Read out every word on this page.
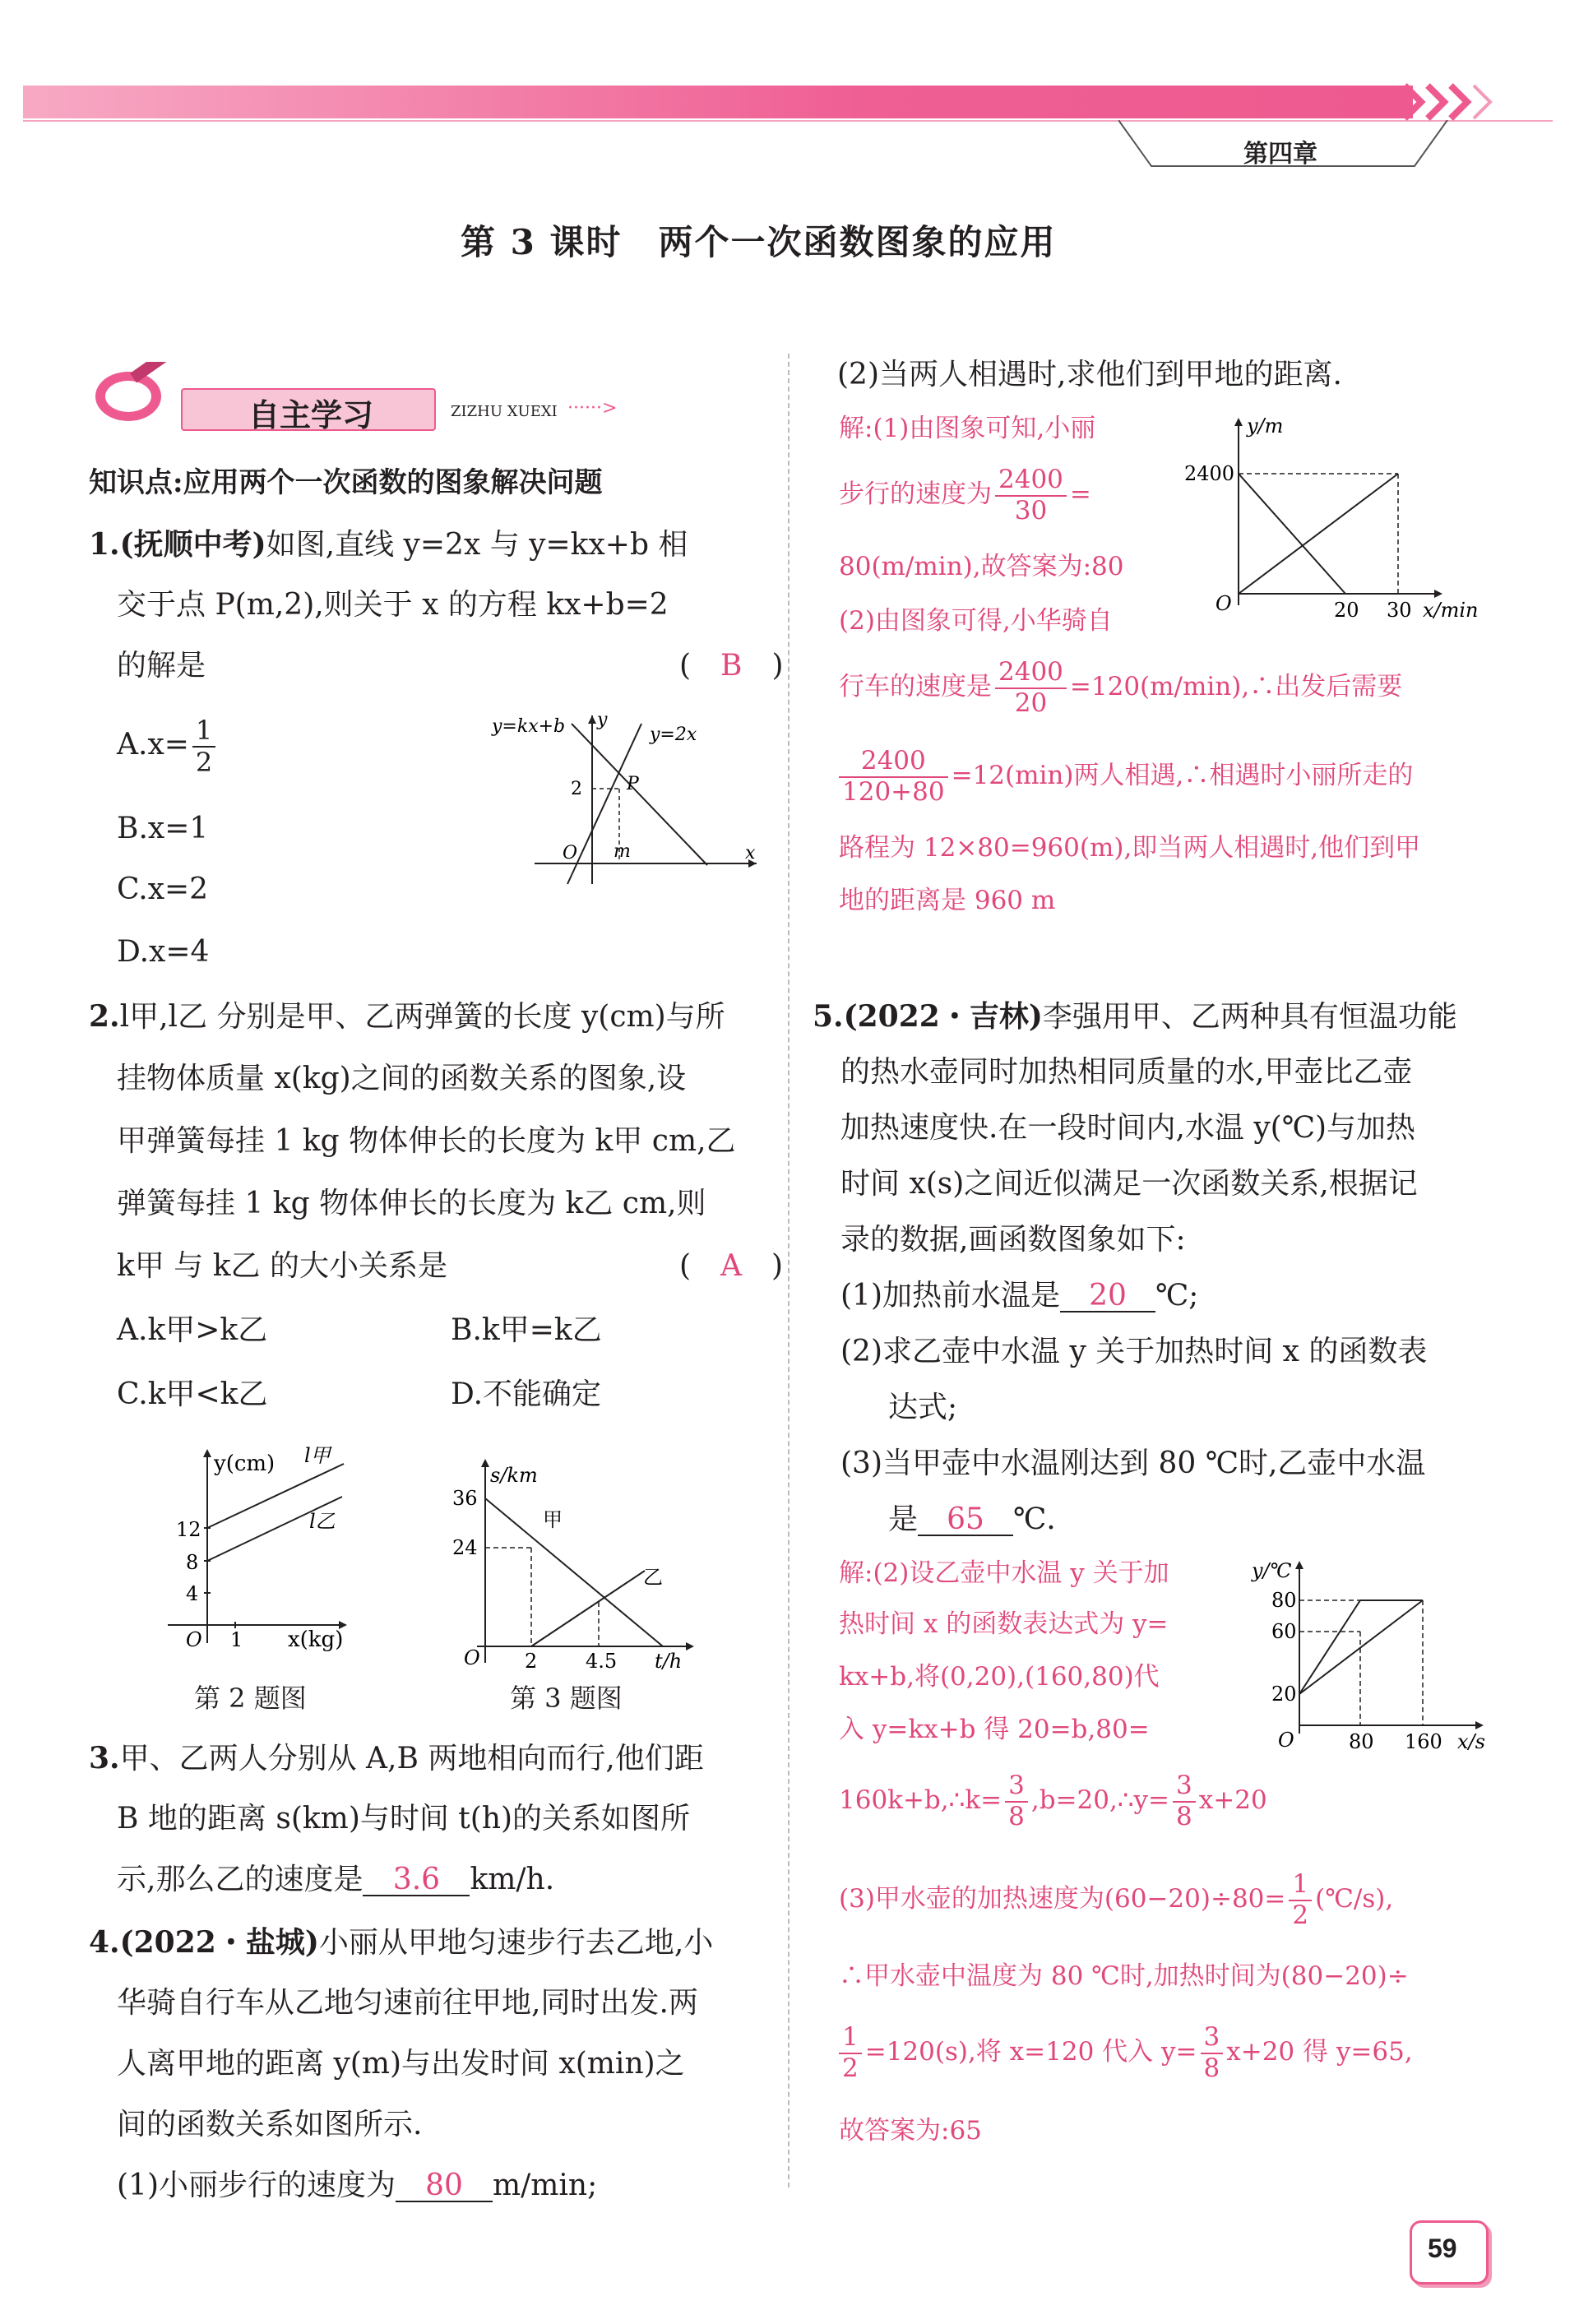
第四章
第 3 课时　两个一次函数图象的应用
自主学习	ZIZHU XUEXI ······>
知识点:应用两个一次函数的图象解决问题
1.(抚顺中考)如图,直线 y=2x 与 y=kx+b 相
交于点 P(m,2),则关于 x 的方程 kx+b=2
的解是	(　B　)
$A.x= \frac{1}{2}$
B.x=1
C.x=2
D.x=4
y=kx+b y
y=2x
2 P
O m	x
2.l甲,l乙 分别是甲、乙两弹簧的长度 y(cm)与所
挂物体质量 x(kg)之间的函数关系的图象,设
甲弹簧每挂 1 kg 物体伸长的长度为 k甲 cm,乙
弹簧每挂 1 kg 物体伸长的长度为 k乙 cm,则
k甲 与 k乙 的大小关系是	(　A　)
A.k甲>k乙	B.k甲=k乙
C.k甲<k乙	D.不能确定
y(cm) l甲
l乙
12
8
4
O 1 x(kg)
第 2 题图
s/km
36
24
甲
乙
O 2 4.5 t/h
第 3 题图
3.甲、乙两人分别从 A,B 两地相向而行,他们距
B 地的距离 s(km)与时间 t(h)的关系如图所
示,那么乙的速度是 3.6 km/h.
4.(2022・盐城)小丽从甲地匀速步行去乙地,小
华骑自行车从乙地匀速前往甲地,同时出发.两
人离甲地的距离 y(m)与出发时间 x(min)之
间的函数关系如图所示.
(1)小丽步行的速度为 80 m/min;
(2)当两人相遇时,求他们到甲地的距离.
解:(1)由图象可知,小丽
步行的速度为 $\frac{2400}{30}$ =
80(m/min),故答案为:80
(2)由图象可得,小华骑自
行车的速度是 $\frac{2400}{20}$ =120(m/min),∴出发后需要
$\frac{2400}{120+80} =12(\min)$两人相遇,∴相遇时小丽所走的
路程为 12×80=960(m),即当两人相遇时,他们到甲
地的距离是 960 m
y/m
2400
O	20 30 x/min
5.(2022・吉林)李强用甲、乙两种具有恒温功能
的热水壶同时加热相同质量的水,甲壶比乙壶
加热速度快.在一段时间内,水温 y(℃)与加热
时间 x(s)之间近似满足一次函数关系,根据记
录的数据,画函数图象如下:
(1)加热前水温是 20 ℃;
(2)求乙壶中水温 y 关于加热时间 x 的函数表
达式;
(3)当甲壶中水温刚达到 80 ℃时,乙壶中水温
是 65 ℃.
解:(2)设乙壶中水温 y 关于加
热时间 x 的函数表达式为 y=
kx+b,将(0,20),(160,80)代
入 y=kx+b 得 20=b,80=
160k+b,∴k= $\frac{3}{8}$ ,b=20,∴y= $\frac{3}{8} x+20$
(3)甲水壶的加热速度为$(60-20)\div 80= \frac{1}{2}$ (℃/s),
∴甲水壶中温度为 80 ℃时,加热时间为(80−20)÷
$\frac{1}{2} =120(s)$,将 x=120 代入 $y= \frac{3}{8} x+20$ 得 y=65,
故答案为:65
y/℃
80
60
20
O	80 160 x/s
59
